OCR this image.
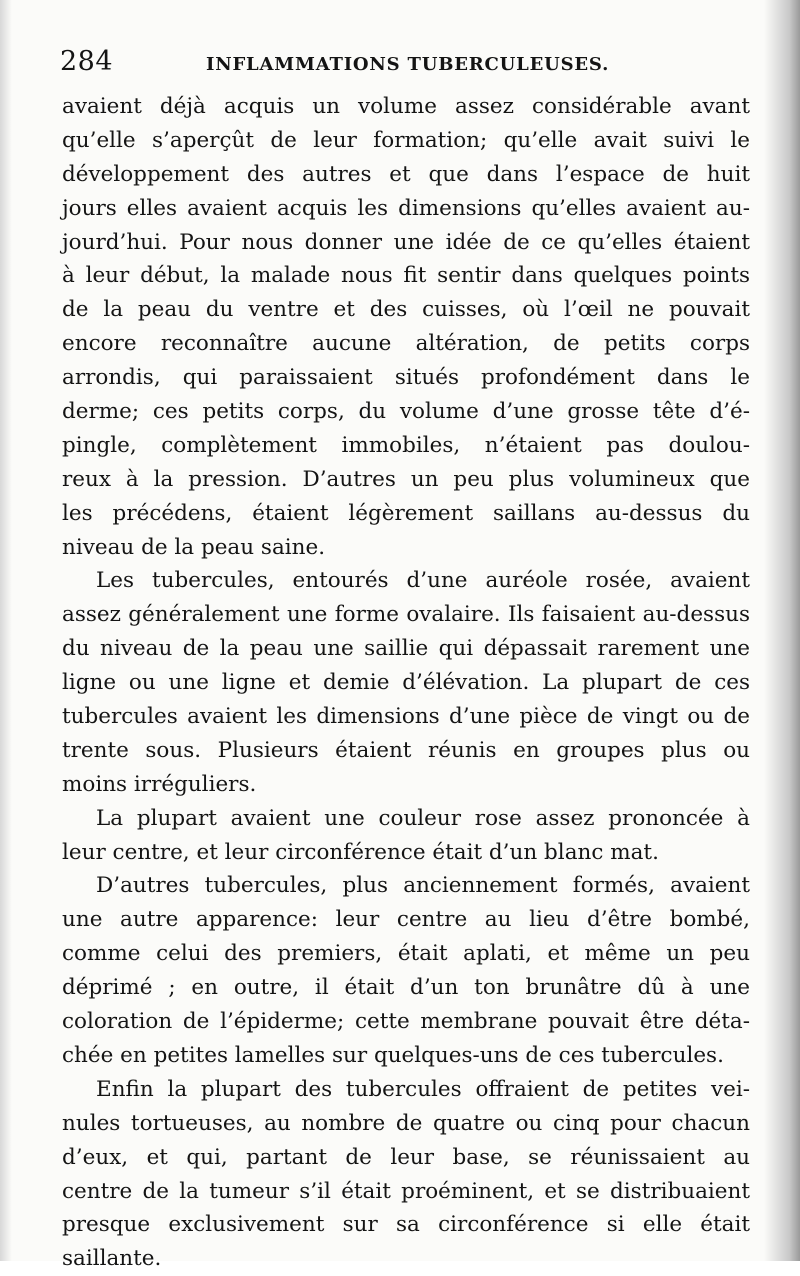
284	INFLAMMATIONS TUBERCULEUSES.
avaient déjà acquis un volume assez considérable avant
qu’elle s’aperçût de leur formation; qu’elle avait suivi le
développement des autres et que dans l’espace de huit
jours elles avaient acquis les dimensions qu’elles avaient au-
jourd’hui. Pour nous donner une idée de ce qu’elles étaient
à leur début, la malade nous fit sentir dans quelques points
de la peau du ventre et des cuisses, où l’œil ne pouvait
encore reconnaître aucune altération, de petits corps
arrondis, qui paraissaient situés profondément dans le
derme; ces petits corps, du volume d’une grosse tête d’é-
pingle, complètement immobiles, n’étaient pas doulou-
reux à la pression. D’autres un peu plus volumineux que
les précédens, étaient légèrement saillans au-dessus du
niveau de la peau saine.
Les tubercules, entourés d’une auréole rosée, avaient
assez généralement une forme ovalaire. Ils faisaient au-dessus
du niveau de la peau une saillie qui dépassait rarement une
ligne ou une ligne et demie d’élévation. La plupart de ces
tubercules avaient les dimensions d’une pièce de vingt ou de
trente sous. Plusieurs étaient réunis en groupes plus ou
moins irréguliers.
La plupart avaient une couleur rose assez prononcée à
leur centre, et leur circonférence était d’un blanc mat.
D’autres tubercules, plus anciennement formés, avaient
une autre apparence: leur centre au lieu d’être bombé,
comme celui des premiers, était aplati, et même un peu
déprimé ; en outre, il était d’un ton brunâtre dû à une
coloration de l’épiderme; cette membrane pouvait être déta-
chée en petites lamelles sur quelques-uns de ces tubercules.
Enfin la plupart des tubercules offraient de petites vei-
nules tortueuses, au nombre de quatre ou cinq pour chacun
d’eux, et qui, partant de leur base, se réunissaient au
centre de la tumeur s’il était proéminent, et se distribuaient
presque exclusivement sur sa circonférence si elle était
saillante.
